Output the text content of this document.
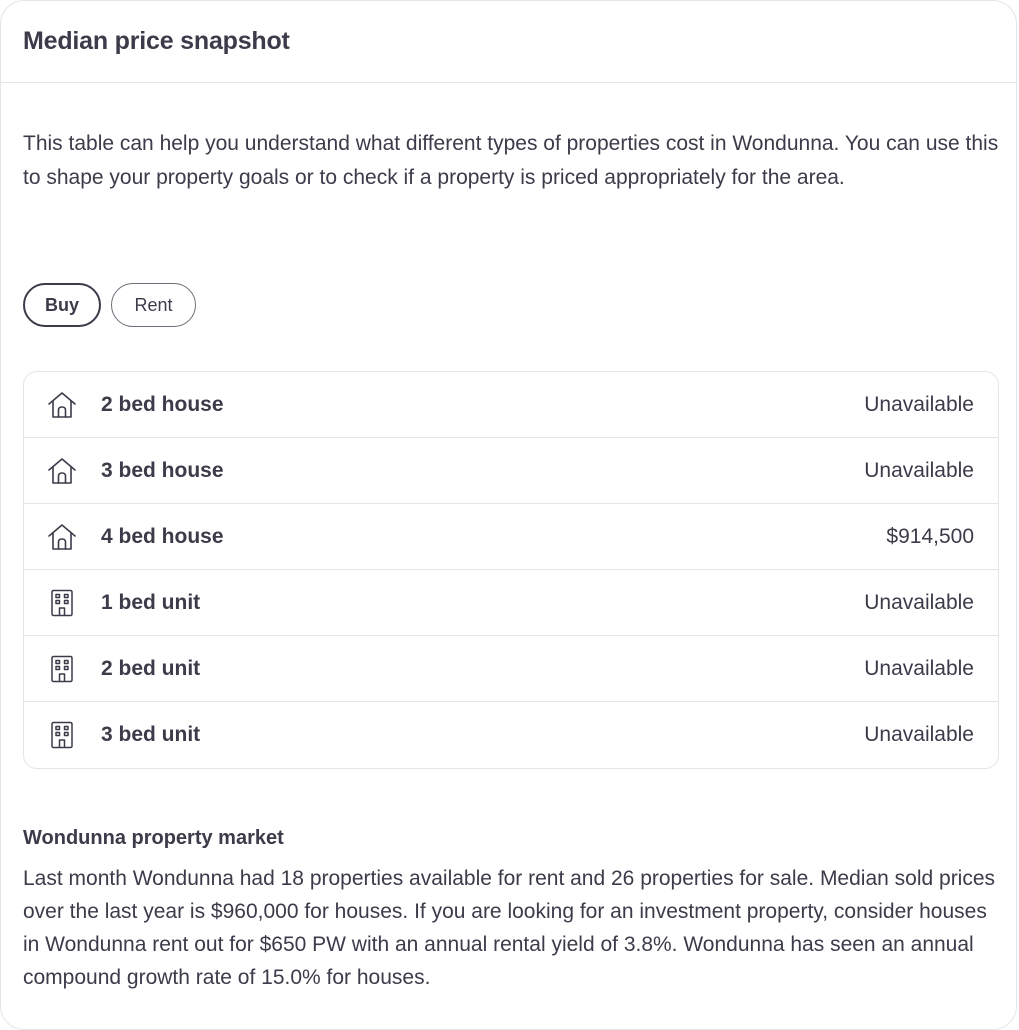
Median price snapshot

This table can help you understand what different types of properties cost in Wondunna. You can use this to shape your property goals or to check if a property is priced appropriately for the area.

Buy	Rent
2 bed house	Unavailable
3 bed house	Unavailable
4 bed house	$914,500
1 bed unit	Unavailable
2 bed unit	Unavailable
3 bed unit	Unavailable
Wondunna property market

Last month Wondunna had 18 properties available for rent and 26 properties for sale. Median sold prices over the last year is $960,000 for houses. If you are looking for an investment property, consider houses in Wondunna rent out for $650 PW with an annual rental yield of 3.8%. Wondunna has seen an annual compound growth rate of 15.0% for houses.
